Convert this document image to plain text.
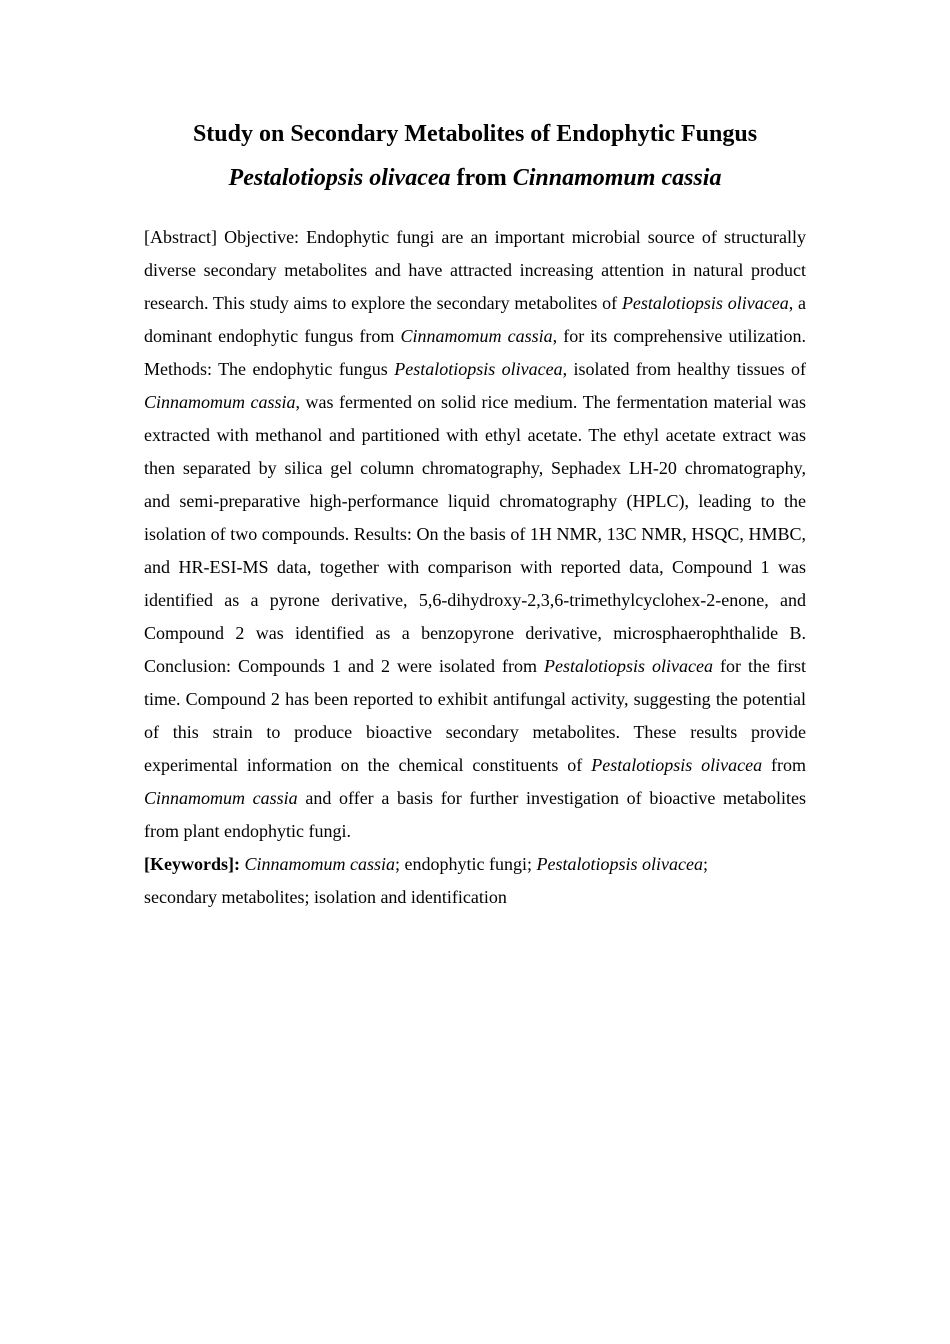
Study on Secondary Metabolites of Endophytic Fungus
Pestalotiopsis olivacea from Cinnamomum cassia
[Abstract] Objective: Endophytic fungi are an important microbial source of structurally diverse secondary metabolites and have attracted increasing attention in natural product research. This study aims to explore the secondary metabolites of Pestalotiopsis olivacea, a dominant endophytic fungus from Cinnamomum cassia, for its comprehensive utilization. Methods: The endophytic fungus Pestalotiopsis olivacea, isolated from healthy tissues of Cinnamomum cassia, was fermented on solid rice medium. The fermentation material was extracted with methanol and partitioned with ethyl acetate. The ethyl acetate extract was then separated by silica gel column chromatography, Sephadex LH-20 chromatography, and semi-preparative high-performance liquid chromatography (HPLC), leading to the isolation of two compounds. Results: On the basis of 1H NMR, 13C NMR, HSQC, HMBC, and HR-ESI-MS data, together with comparison with reported data, Compound 1 was identified as a pyrone derivative, 5,6-dihydroxy-2,3,6-trimethylcyclohex-2-enone, and Compound 2 was identified as a benzopyrone derivative, microsphaerophthalide B. Conclusion: Compounds 1 and 2 were isolated from Pestalotiopsis olivacea for the first time. Compound 2 has been reported to exhibit antifungal activity, suggesting the potential of this strain to produce bioactive secondary metabolites. These results provide experimental information on the chemical constituents of Pestalotiopsis olivacea from Cinnamomum cassia and offer a basis for further investigation of bioactive metabolites from plant endophytic fungi.
[Keywords]: Cinnamomum cassia; endophytic fungi; Pestalotiopsis olivacea;
secondary metabolites; isolation and identification
